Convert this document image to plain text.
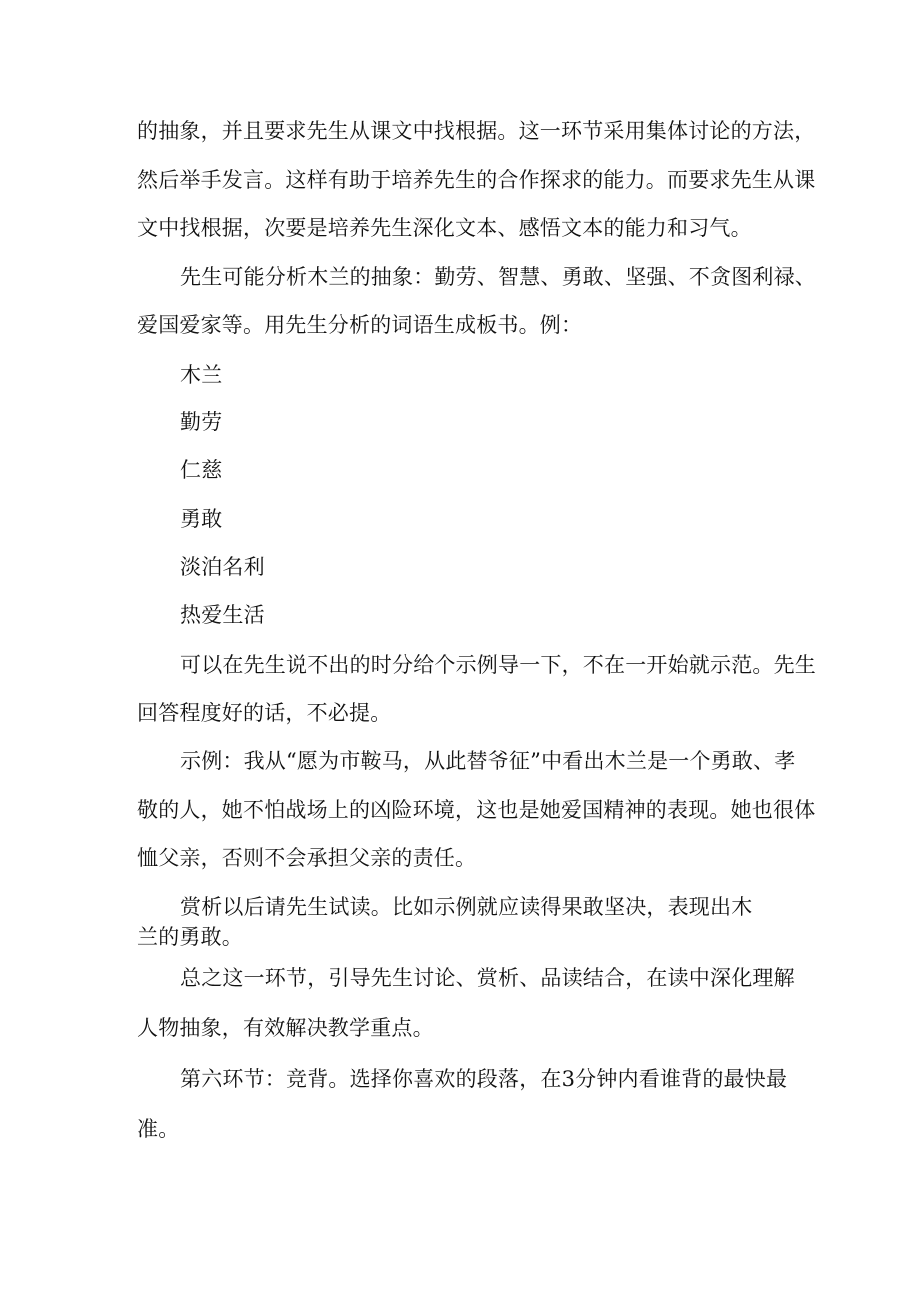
的抽象，并且要求先生从课文中找根据。这一环节采用集体讨论的方法，
然后举手发言。这样有助于培养先生的合作探求的能力。而要求先生从课
文中找根据，次要是培养先生深化文本、感悟文本的能力和习气。
先生可能分析木兰的抽象：勤劳、智慧、勇敢、坚强、不贪图利禄、
爱国爱家等。用先生分析的词语生成板书。例：
木兰
勤劳
仁慈
勇敢
淡泊名利
热爱生活
可以在先生说不出的时分给个示例导一下，不在一开始就示范。先生
回答程度好的话，不必提。
示例：我从“愿为市鞍马，从此替爷征”中看出木兰是一个勇敢、孝
敬的人，她不怕战场上的凶险环境，这也是她爱国精神的表现。她也很体
恤父亲，否则不会承担父亲的责任。
赏析以后请先生试读。比如示例就应读得果敢坚决，表现出木
兰的勇敢。
总之这一环节，引导先生讨论、赏析、品读结合，在读中深化理解
人物抽象，有效解决教学重点。
第六环节：竞背。选择你喜欢的段落，在3分钟内看谁背的最快最
准。
